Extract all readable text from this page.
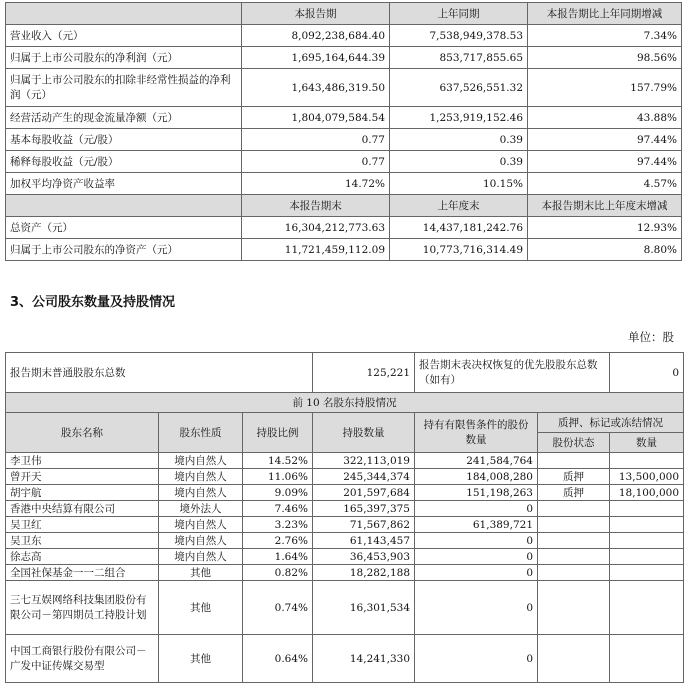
	本报告期	上年同期	本报告期比上年同期增减
营业收入（元）	8,092,238,684.40	7,538,949,378.53	7.34%
归属于上市公司股东的净利润（元）	1,695,164,644.39	853,717,855.65	98.56%
归属于上市公司股东的扣除非经常性损益的净利润（元）	1,643,486,319.50	637,526,551.32	157.79%
经营活动产生的现金流量净额（元）	1,804,079,584.54	1,253,919,152.46	43.88%
基本每股收益（元/股）	0.77	0.39	97.44%
稀释每股收益（元/股）	0.77	0.39	97.44%
加权平均净资产收益率	14.72%	10.15%	4.57%
	本报告期末	上年度末	本报告期末比上年度末增减
总资产（元）	16,304,212,773.63	14,437,181,242.76	12.93%
归属于上市公司股东的净资产（元）	11,721,459,112.09	10,773,716,314.49	8.80%
3、公司股东数量及持股情况
单位：股
报告期末普通股股东总数			125,221	报告期末表决权恢复的优先股股东总数（如有）		0
前 10 名股东持股情况						
股东名称	股东性质	持股比例	持股数量	持有有限售条件的股份数量	质押、标记或冻结情况	
					股份状态	数量
李卫伟	境内自然人	14.52%	322,113,019	241,584,764		
曾开天	境内自然人	11.06%	245,344,374	184,008,280	质押	13,500,000
胡宇航	境内自然人	9.09%	201,597,684	151,198,263	质押	18,100,000
香港中央结算有限公司	境外法人	7.46%	165,397,375	0		
吴卫红	境内自然人	3.23%	71,567,862	61,389,721		
吴卫东	境内自然人	2.76%	61,143,457	0		
徐志高	境内自然人	1.64%	36,453,903	0		
全国社保基金一一二组合	其他	0.82%	18,282,188	0		
三七互娱网络科技集团股份有限公司－第四期员工持股计划	其他	0.74%	16,301,534	0		
中国工商银行股份有限公司－广发中证传媒交易型	其他	0.64%	14,241,330	0		
